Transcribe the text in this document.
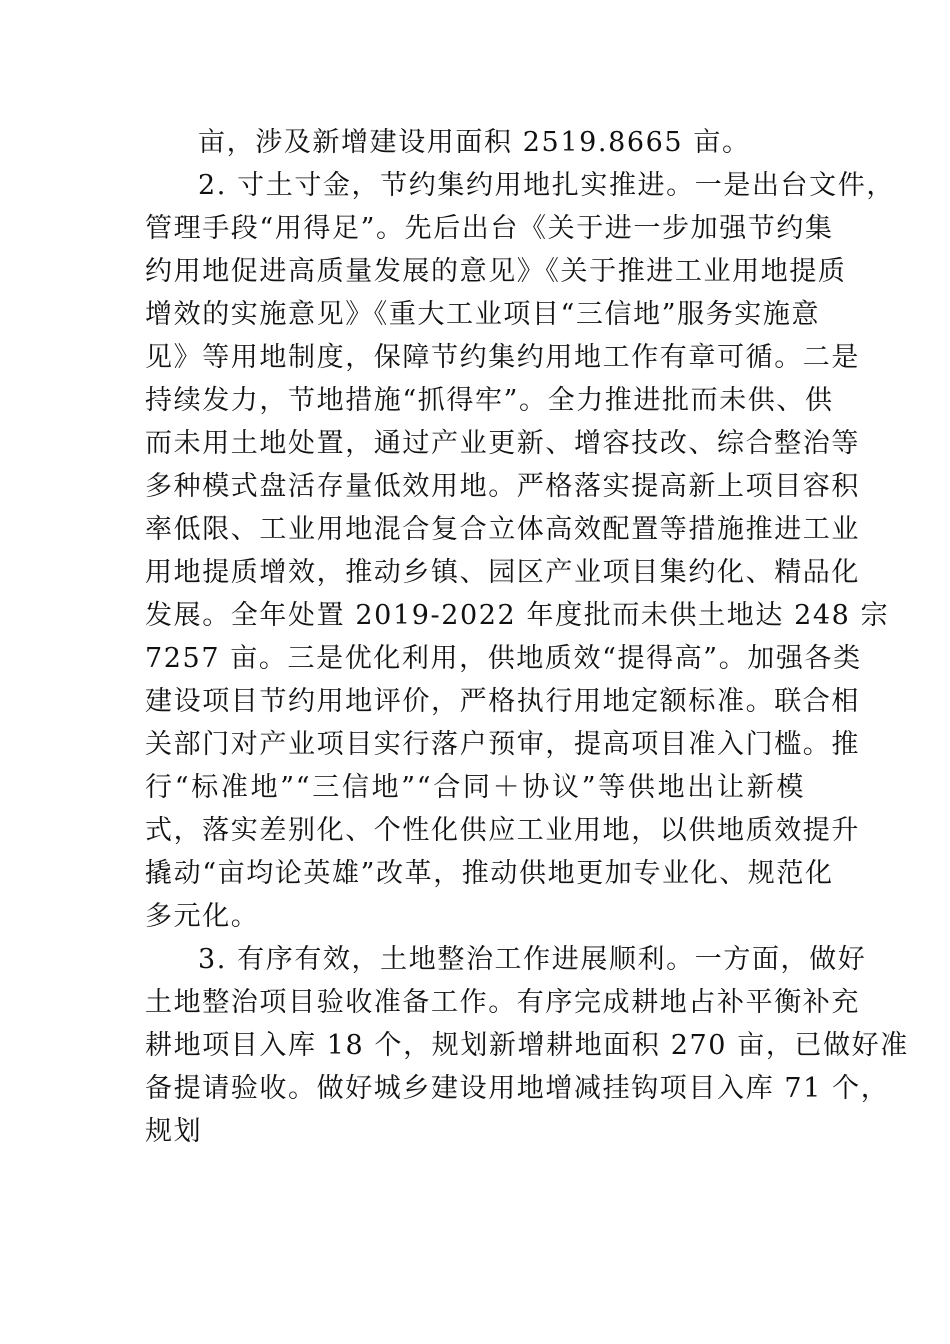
亩，涉及新增建设用面积 2519.8665 亩。
2. 寸土寸金，节约集约用地扎实推进。一是出台文件，
管理手段“用得足”。先后出台《关于进一步加强节约集
约用地促进高质量发展的意见》《关于推进工业用地提质
增效的实施意见》《重大工业项目“三信地”服务实施意
见》等用地制度，保障节约集约用地工作有章可循。二是
持续发力，节地措施“抓得牢”。全力推进批而未供、供
而未用土地处置，通过产业更新、增容技改、综合整治等
多种模式盘活存量低效用地。严格落实提高新上项目容积
率低限、工业用地混合复合立体高效配置等措施推进工业
用地提质增效，推动乡镇、园区产业项目集约化、精品化
发展。全年处置 2019-2022 年度批而未供土地达 248 宗
7257 亩。三是优化利用，供地质效“提得高”。加强各类
建设项目节约用地评价，严格执行用地定额标准。联合相
关部门对产业项目实行落户预审，提高项目准入门槛。推
行“标准地”“三信地”“合同＋协议”等供地出让新模
式，落实差别化、个性化供应工业用地，以供地质效提升
撬动“亩均论英雄”改革，推动供地更加专业化、规范化
多元化。
3. 有序有效，土地整治工作进展顺利。一方面，做好
土地整治项目验收准备工作。有序完成耕地占补平衡补充
耕地项目入库 18 个，规划新增耕地面积 270 亩，已做好准
备提请验收。做好城乡建设用地增减挂钩项目入库 71 个，
规划
